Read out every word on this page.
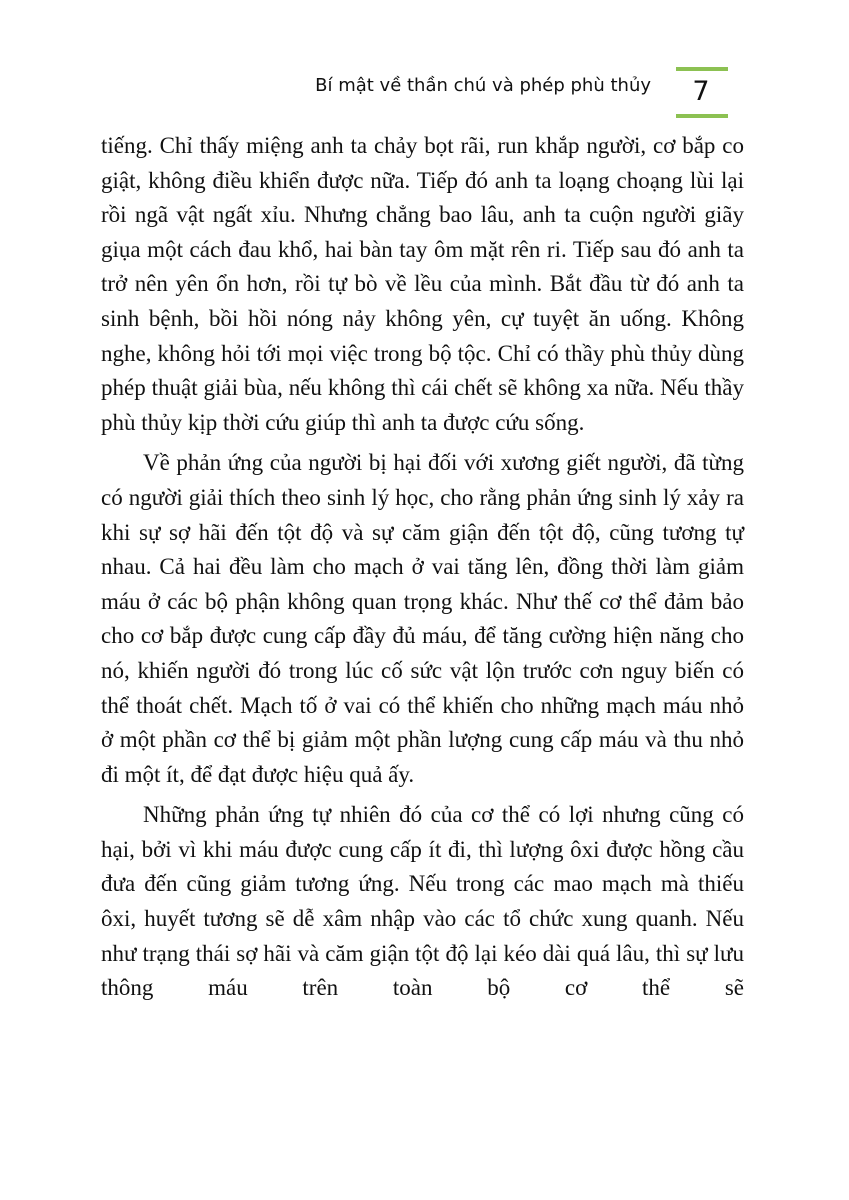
Bí mật về thần chú và phép phù thủy	7

tiếng. Chỉ thấy miệng anh ta chảy bọt rãi, run khắp người, cơ bắp co giật, không điều khiển được nữa. Tiếp đó anh ta loạng choạng lùi lại rồi ngã vật ngất xỉu. Nhưng chẳng bao lâu, anh ta cuộn người giãy giụa một cách đau khổ, hai bàn tay ôm mặt rên ri. Tiếp sau đó anh ta trở nên yên ổn hơn, rồi tự bò về lều của mình. Bắt đầu từ đó anh ta sinh bệnh, bồi hồi nóng nảy không yên, cự tuyệt ăn uống. Không nghe, không hỏi tới mọi việc trong bộ tộc. Chỉ có thầy phù thủy dùng phép thuật giải bùa, nếu không thì cái chết sẽ không xa nữa. Nếu thầy phù thủy kịp thời cứu giúp thì anh ta được cứu sống.

Về phản ứng của người bị hại đối với xương giết người, đã từng có người giải thích theo sinh lý học, cho rằng phản ứng sinh lý xảy ra khi sự sợ hãi đến tột độ và sự căm giận đến tột độ, cũng tương tự nhau. Cả hai đều làm cho mạch ở vai tăng lên, đồng thời làm giảm máu ở các bộ phận không quan trọng khác. Như thế cơ thể đảm bảo cho cơ bắp được cung cấp đầy đủ máu, để tăng cường hiện năng cho nó, khiến người đó trong lúc cố sức vật lộn trước cơn nguy biến có thể thoát chết. Mạch tố ở vai có thể khiến cho những mạch máu nhỏ ở một phần cơ thể bị giảm một phần lượng cung cấp máu và thu nhỏ đi một ít, để đạt được hiệu quả ấy.

Những phản ứng tự nhiên đó của cơ thể có lợi nhưng cũng có hại, bởi vì khi máu được cung cấp ít đi, thì lượng ôxi được hồng cầu đưa đến cũng giảm tương ứng. Nếu trong các mao mạch mà thiếu ôxi, huyết tương sẽ dễ xâm nhập vào các tổ chức xung quanh. Nếu như trạng thái sợ hãi và căm giận tột độ lại kéo dài quá lâu, thì sự lưu thông máu trên toàn bộ cơ thể sẽ
